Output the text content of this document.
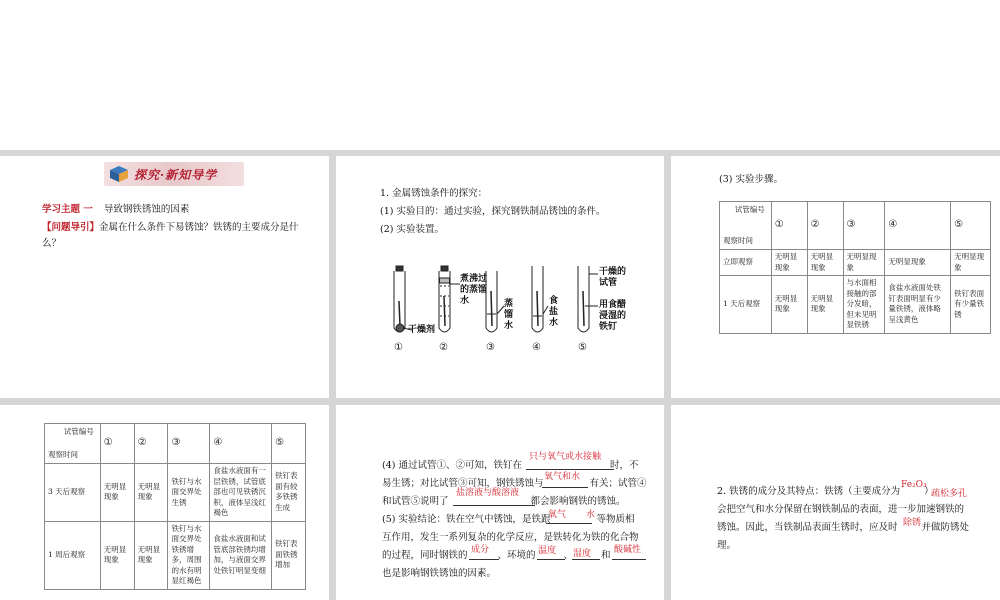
探究·新知导学
学习主题 一 导致钢铁锈蚀的因素
【问题导引】金属在什么条件下易锈蚀？铁锈的主要成分是什么？
1. 金属锈蚀条件的探究：
(1) 实验目的：通过实验，探究钢铁制品锈蚀的条件。
(2) 实验装置。
干燥剂
煮沸过的蒸馏水	蒸馏水
食盐水
干燥的试管
用食醋浸湿的铁钉
①	②	③	④	⑤
(3) 实验步骤。
试管编号
观察时间	①	②	③	④	⑤
立即观察	无明显现象	无明显现象	无明显现象	无明显现象	无明显现象
1 天后观察	无明显现象	无明显现象	与水面相接触的部分发暗，但未见明显铁锈	食盐水液面处铁钉表面明显有少量铁锈，液体略呈浅黄色	铁钉表面有少量铁锈
试管编号
观察时间	①	②	③	④	⑤
3 天后观察	无明显现象	无明显现象	铁钉与水面交界处生锈	食盐水液面有一层铁锈，试管底部也可见铁锈沉积，液体呈浅红褐色	铁钉表面有较多铁锈生成
1 周后观察	无明显现象	无明显现象	铁钉与水面交界处铁锈增多，周围的水有明显红褐色	食盐水液面和试管底部铁锈均增加，与液面交界处铁钉明显变细	铁钉表面铁锈增加
(4) 通过试管①、②可知，铁钉在	时，不
易生锈；对比试管③可知，钢铁锈蚀与	有关；试管④
和试管⑤说明了	都会影响钢铁的锈蚀。
(5) 实验结论：铁在空气中锈蚀，是铁跟	等物质相
互作用，发生一系列复杂的化学反应，是铁转化为铁的化合物
的过程，同时钢铁的	、环境的	、	和
也是影响钢铁锈蚀的因素。
只与氧气或水接触
氧气和水
盐溶液与酸溶液
氧气 水
成分	温度 湿度	酸碱性
2. 铁锈的成分及其特点：铁锈（主要成分为	）
会把空气和水分保留在钢铁制品的表面，进一步加速钢铁的
锈蚀。因此，当铁制品表面生锈时，应及时	并做防锈处
理。
Fe₂O₃
疏松多孔
除锈
